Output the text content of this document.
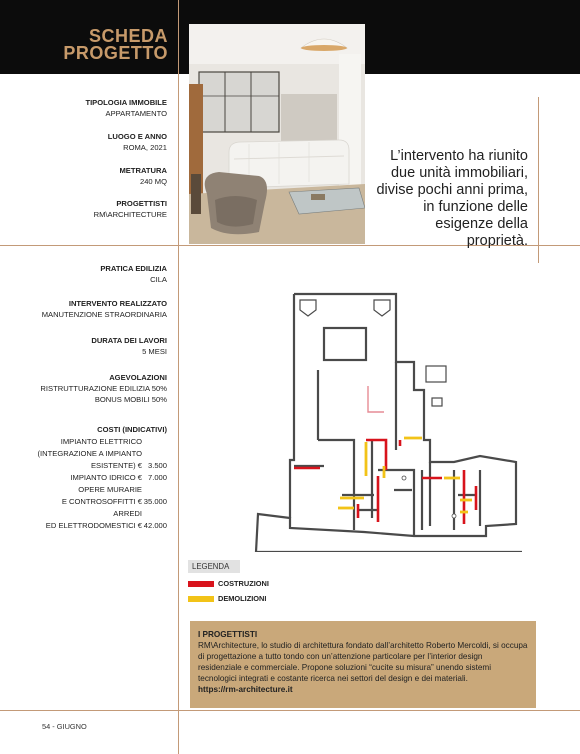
SCHEDA
PROGETTO
L’intervento ha riunito due unità immobiliari, divise pochi anni prima, in funzione delle esigenze della proprietà.
TIPOLOGIA IMMOBILE
APPARTAMENTO
LUOGO E ANNO
ROMA, 2021
METRATURA
240 MQ
PROGETTISTI
RM\ARCHITECTURE
PRATICA EDILIZIA
CILA
INTERVENTO REALIZZATO
MANUTENZIONE STRAORDINARIA
DURATA DEI LAVORI
5 MESI
AGEVOLAZIONI
RISTRUTTURAZIONE EDILIZIA 50%
BONUS MOBILI 50%
COSTI (INDICATIVI)
IMPIANTO ELETTRICO
(INTEGRAZIONE A IMPIANTO
ESISTENTE) € 3.500
IMPIANTO IDRICO € 7.000
OPERE MURARIE
E CONTROSOFFITTI € 35.000
ARREDI
ED ELETTRODOMESTICI € 42.000
LEGENDA
COSTRUZIONI
DEMOLIZIONI
I PROGETTISTI
RM\Architecture, lo studio di architettura fondato dall’architetto Roberto Mercoldi, si occupa di progettazione a tutto tondo con un’attenzione particolare per l’interior design residenziale e commerciale. Propone soluzioni “cucite su misura” unendo sistemi tecnologici integrati e costante ricerca nei settori del design e dei materiali.
https://rm-architecture.it
54 - GIUGNO
